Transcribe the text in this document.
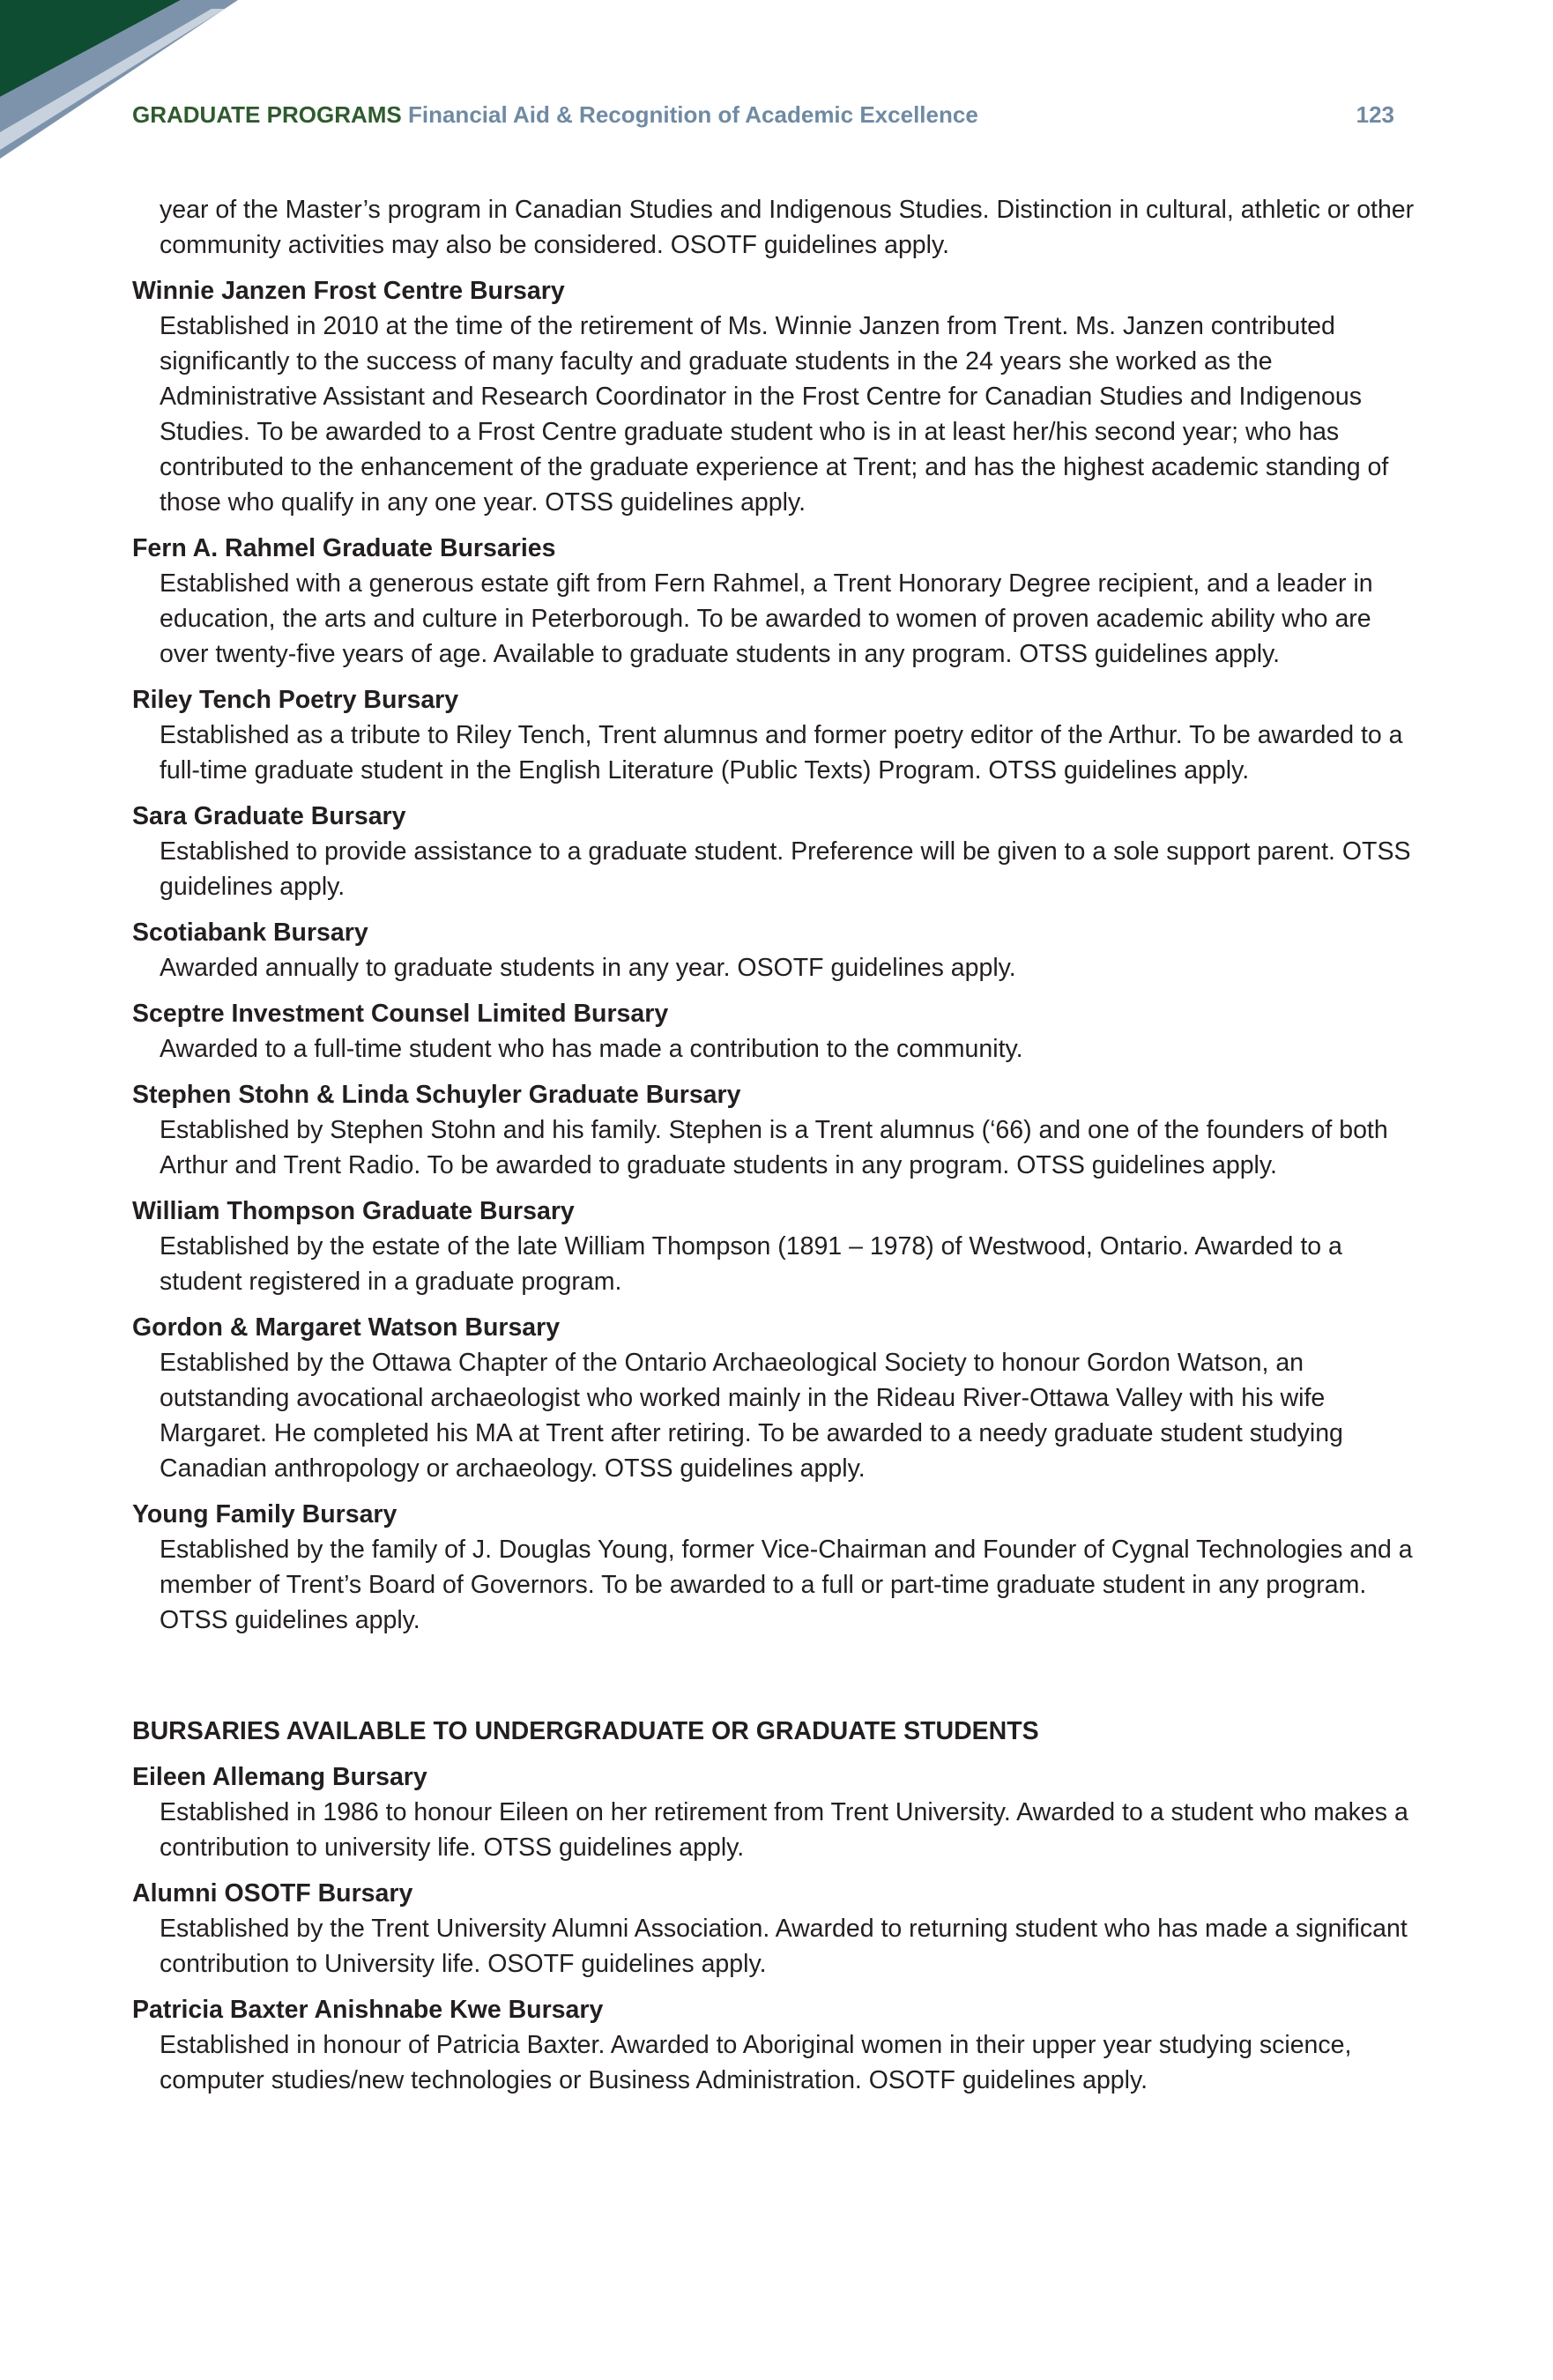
GRADUATE PROGRAMS Financial Aid & Recognition of Academic Excellence	123

year of the Master’s program in Canadian Studies and Indigenous Studies. Distinction in cultural, athletic or other community activities may also be considered. OSOTF guidelines apply.

Winnie Janzen Frost Centre Bursary

Established in 2010 at the time of the retirement of Ms. Winnie Janzen from Trent. Ms. Janzen contributed significantly to the success of many faculty and graduate students in the 24 years she worked as the Administrative Assistant and Research Coordinator in the Frost Centre for Canadian Studies and Indigenous Studies. To be awarded to a Frost Centre graduate student who is in at least her/his second year; who has contributed to the enhancement of the graduate experience at Trent; and has the highest academic standing of those who qualify in any one year. OTSS guidelines apply.

Fern A. Rahmel Graduate Bursaries

Established with a generous estate gift from Fern Rahmel, a Trent Honorary Degree recipient, and a leader in education, the arts and culture in Peterborough. To be awarded to women of proven academic ability who are over twenty-five years of age. Available to graduate students in any program. OTSS guidelines apply.

Riley Tench Poetry Bursary

Established as a tribute to Riley Tench, Trent alumnus and former poetry editor of the Arthur. To be awarded to a full-time graduate student in the English Literature (Public Texts) Program. OTSS guidelines apply.

Sara Graduate Bursary

Established to provide assistance to a graduate student. Preference will be given to a sole support parent. OTSS guidelines apply.

Scotiabank Bursary

Awarded annually to graduate students in any year. OSOTF guidelines apply.

Sceptre Investment Counsel Limited Bursary

Awarded to a full-time student who has made a contribution to the community.

Stephen Stohn & Linda Schuyler Graduate Bursary

Established by Stephen Stohn and his family. Stephen is a Trent alumnus (‘66) and one of the founders of both Arthur and Trent Radio. To be awarded to graduate students in any program. OTSS guidelines apply.

William Thompson Graduate Bursary

Established by the estate of the late William Thompson (1891 – 1978) of Westwood, Ontario. Awarded to a student registered in a graduate program.

Gordon & Margaret Watson Bursary

Established by the Ottawa Chapter of the Ontario Archaeological Society to honour Gordon Watson, an outstanding avocational archaeologist who worked mainly in the Rideau River-Ottawa Valley with his wife Margaret. He completed his MA at Trent after retiring. To be awarded to a needy graduate student studying Canadian anthropology or archaeology. OTSS guidelines apply.

Young Family Bursary

Established by the family of J. Douglas Young, former Vice-Chairman and Founder of Cygnal Technologies and a member of Trent’s Board of Governors. To be awarded to a full or part-time graduate student in any program. OTSS guidelines apply.

BURSARIES AVAILABLE TO UNDERGRADUATE OR GRADUATE STUDENTS

Eileen Allemang Bursary

Established in 1986 to honour Eileen on her retirement from Trent University. Awarded to a student who makes a contribution to university life. OTSS guidelines apply.

Alumni OSOTF Bursary

Established by the Trent University Alumni Association. Awarded to returning student who has made a significant contribution to University life. OSOTF guidelines apply.

Patricia Baxter Anishnabe Kwe Bursary

Established in honour of Patricia Baxter. Awarded to Aboriginal women in their upper year studying science, computer studies/new technologies or Business Administration. OSOTF guidelines apply.
